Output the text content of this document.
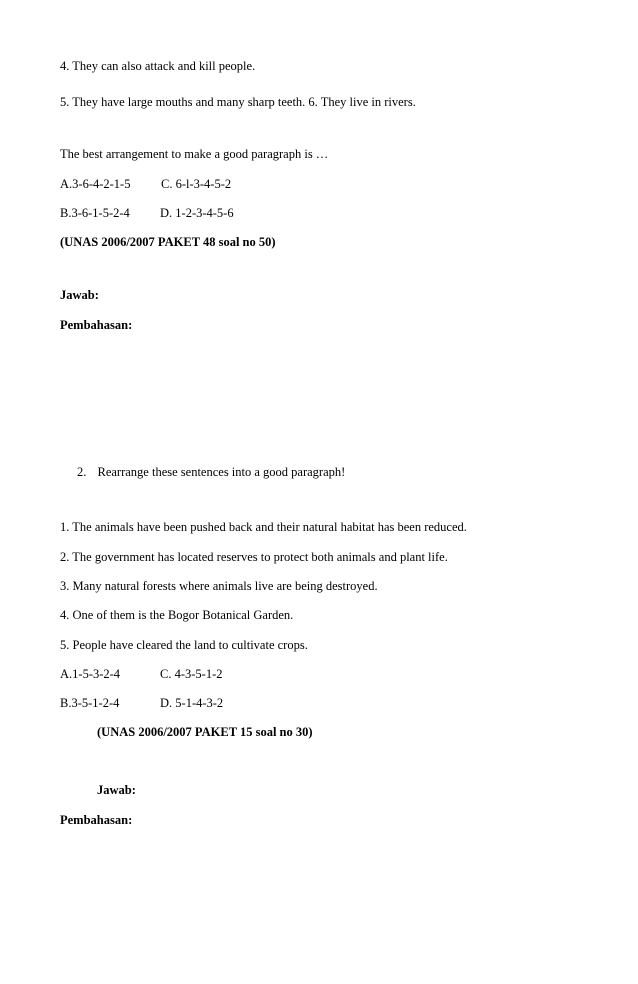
4. They can also attack and kill people.
5. They have large mouths and many sharp teeth. 6. They live in rivers.
The best arrangement to make a good paragraph is …
A.3-6-4-2-1-5 C. 6-l-3-4-5-2
B.3-6-1-5-2-4 D. 1-2-3-4-5-6
(UNAS 2006/2007 PAKET 48 soal no 50)
Jawab:
Pembahasan:
2. Rearrange these sentences into a good paragraph!
1. The animals have been pushed back and their natural habitat has been reduced.
2. The government has located reserves to protect both animals and plant life.
3. Many natural forests where animals live are being destroyed.
4. One of them is the Bogor Botanical Garden.
5. People have cleared the land to cultivate crops.
A.1-5-3-2-4	C. 4-3-5-1-2
B.3-5-1-2-4	D. 5-1-4-3-2
(UNAS 2006/2007 PAKET 15 soal no 30)
Jawab:
Pembahasan:
